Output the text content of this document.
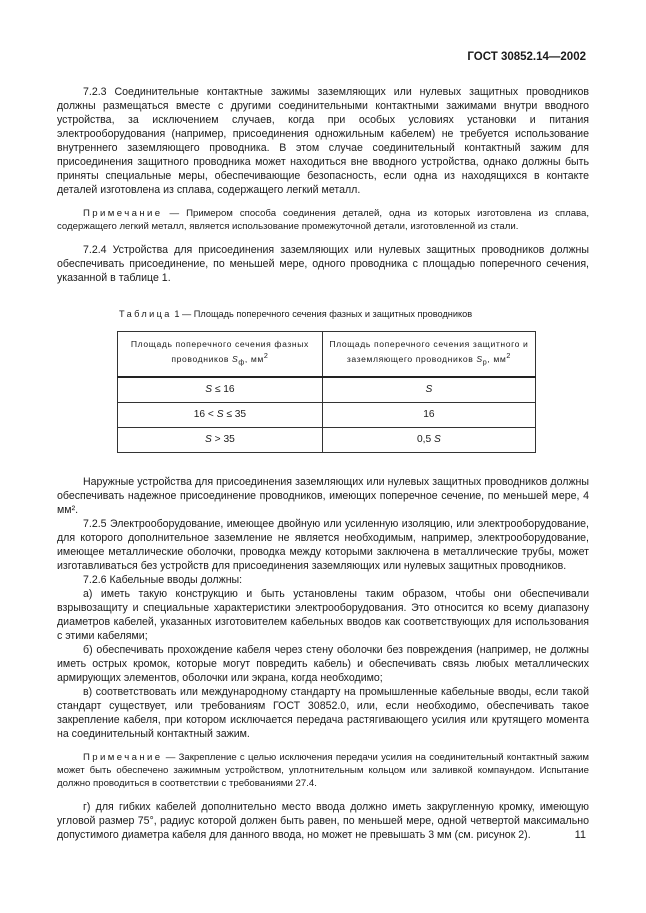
ГОСТ 30852.14—2002

7.2.3 Соединительные контактные зажимы заземляющих или нулевых защитных проводников должны размещаться вместе с другими соединительными контактными зажимами внутри вводного устройства, за исключением случаев, когда при особых условиях установки и питания электрооборудования (например, присоединения одножильным кабелем) не требуется использование внутреннего заземляющего проводника. В этом случае соединительный контактный зажим для присоединения защитного проводника может находиться вне вводного устройства, однако должны быть приняты специальные меры, обеспечивающие безопасность, если одна из находящихся в контакте деталей изготовлена из сплава, содержащего легкий металл.

Примечание — Примером способа соединения деталей, одна из которых изготовлена из сплава, содержащего легкий металл, является использование промежуточной детали, изготовленной из стали.

7.2.4 Устройства для присоединения заземляющих или нулевых защитных проводников должны обеспечивать присоединение, по меньшей мере, одного проводника с площадью поперечного сечения, указанной в таблице 1.

Таблица 1 — Площадь поперечного сечения фазных и защитных проводников

Площадь поперечного сечения фазных проводников $S_ф$, $мм^2$	Площадь поперечного сечения защитного и заземляющего проводников $S_р$, $мм^2$
S ≤ 16	S
16 < S ≤ 35	16
S > 35	0,5 S

Наружные устройства для присоединения заземляющих или нулевых защитных проводников должны обеспечивать надежное присоединение проводников, имеющих поперечное сечение, по меньшей мере, 4 мм².

7.2.5 Электрооборудование, имеющее двойную или усиленную изоляцию, или электрооборудование, для которого дополнительное заземление не является необходимым, например, электрооборудование, имеющее металлические оболочки, проводка между которыми заключена в металлические трубы, может изготавливаться без устройств для присоединения заземляющих или нулевых защитных проводников.

7.2.6 Кабельные вводы должны:

а) иметь такую конструкцию и быть установлены таким образом, чтобы они обеспечивали взрывозащиту и специальные характеристики электрооборудования. Это относится ко всему диапазону диаметров кабелей, указанных изготовителем кабельных вводов как соответствующих для использования с этими кабелями;

б) обеспечивать прохождение кабеля через стену оболочки без повреждения (например, не должны иметь острых кромок, которые могут повредить кабель) и обеспечивать связь любых металлических армирующих элементов, оболочки или экрана, когда необходимо;

в) соответствовать или международному стандарту на промышленные кабельные вводы, если такой стандарт существует, или требованиям ГОСТ 30852.0, или, если необходимо, обеспечивать такое закрепление кабеля, при котором исключается передача растягивающего усилия или крутящего момента на соединительный контактный зажим.

Примечание — Закрепление с целью исключения передачи усилия на соединительный контактный зажим может быть обеспечено зажимным устройством, уплотнительным кольцом или заливкой компаундом. Испытание должно проводиться в соответствии с требованиями 27.4.

г) для гибких кабелей дополнительно место ввода должно иметь закругленную кромку, имеющую угловой размер 75°, радиус которой должен быть равен, по меньшей мере, одной четвертой максимально допустимого диаметра кабеля для данного ввода, но может не превышать 3 мм (см. рисунок 2).	11
